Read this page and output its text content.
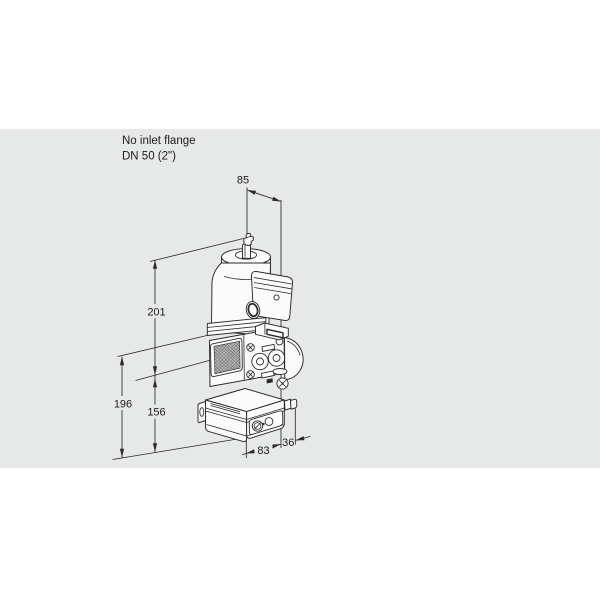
85
201
196
156
83
36
No inlet flange
DN 50 (2")
